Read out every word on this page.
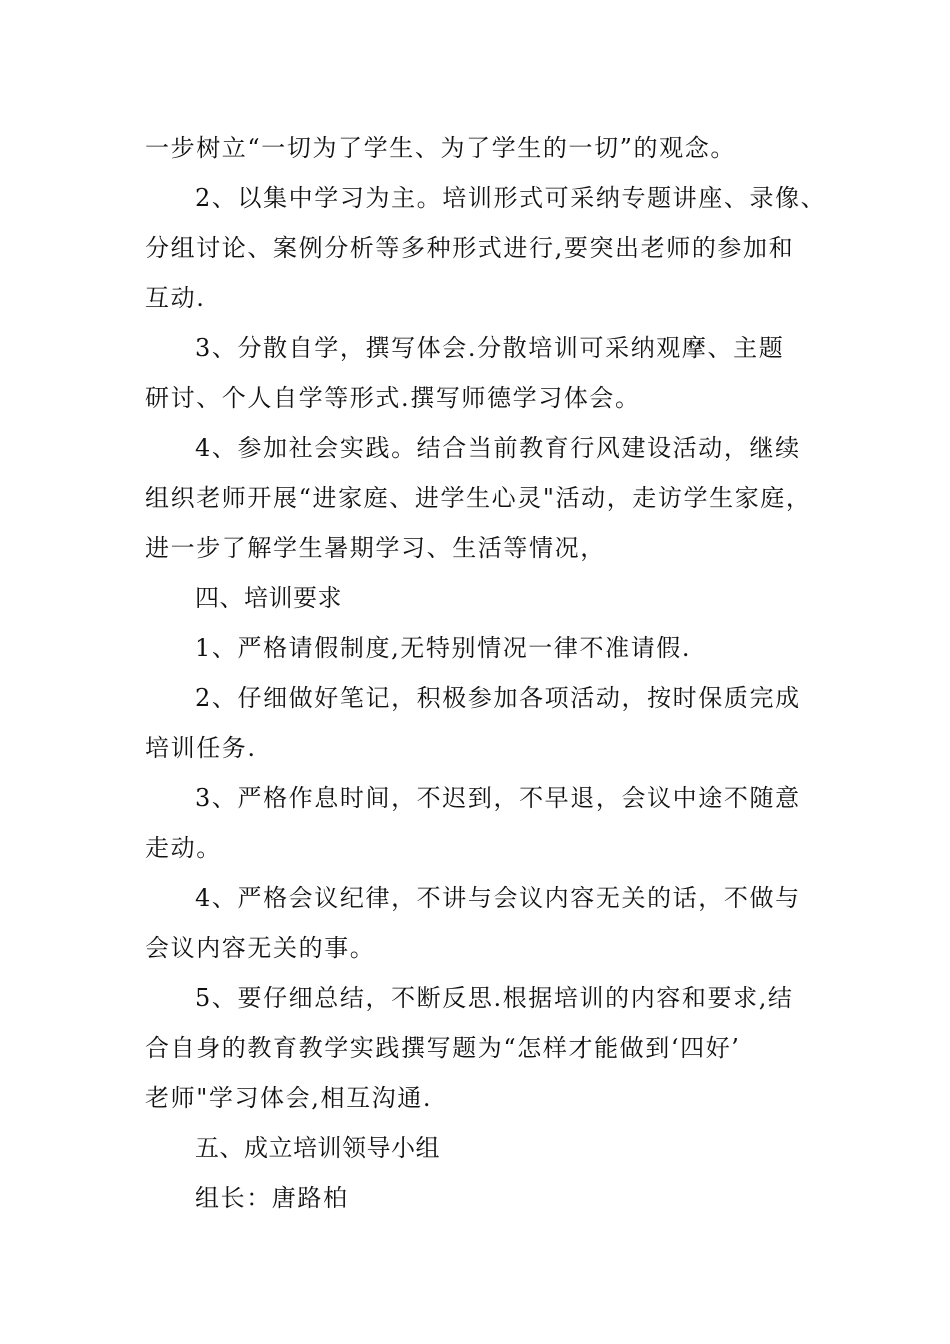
一步树立“一切为了学生、为了学生的一切”的观念。
2、以集中学习为主。培训形式可采纳专题讲座、录像、
分组讨论、案例分析等多种形式进行,要突出老师的参加和
互动.
3、分散自学，撰写体会.分散培训可采纳观摩、主题
研讨、个人自学等形式.撰写师德学习体会。
4、参加社会实践。结合当前教育行风建设活动，继续
组织老师开展“进家庭、进学生心灵"活动，走访学生家庭，
进一步了解学生暑期学习、生活等情况，
四、培训要求
1、严格请假制度,无特别情况一律不准请假.
2、仔细做好笔记，积极参加各项活动，按时保质完成
培训任务.
3、严格作息时间，不迟到，不早退，会议中途不随意
走动。
4、严格会议纪律，不讲与会议内容无关的话，不做与
会议内容无关的事。
5、要仔细总结，不断反思.根据培训的内容和要求,结
合自身的教育教学实践撰写题为“怎样才能做到‘四好’
老师"学习体会,相互沟通.
五、成立培训领导小组
组长：唐路柏
